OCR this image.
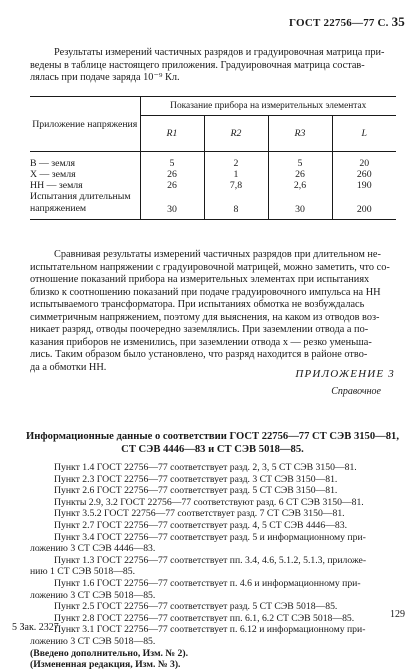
ГОСТ 22756—77 С. 35

Результаты измерений частичных разрядов и градуировочная матрица при-

ведены в таблице настоящего приложения. Градуировочная матрица состав-
лялась при подаче заряда 10⁻⁹ Кл.
Приложение напряжения	Показание прибора на измерительных элементах			
	R1	R2	R3	L
В — земля	5	2	5	20
Х — земля	26	1	26	260
НН — земля	26	7,8	2,6	190

Испытания длительным
напряжением	30	8	30	200

Сравнивая результаты измерений частичных разрядов при длительном не-

испытательном напряжении с градуировочной матрицей, можно заметить, что со-
отношение показаний прибора на измерительных элементах при испытаниях
близко к соотношению показаний при подаче градуировочного импульса на НН
испытываемого трансформатора. При испытаниях обмотка не возбуждалась
симметричным напряжением, поэтому для выяснения, на каком из отводов воз-
никает разряд, отводы поочередно заземлялись. При заземлении отвода а по-
казания приборов не изменились, при заземлении отвода х — резко уменьша-
лись. Таким образом было установлено, что разряд находится в районе отво-
да а обмотки НН.
ПРИЛОЖЕНИЕ 3
Справочное
Информационные данные о соответствии ГОСТ 22756—77 СТ СЭВ 3150—81,
СТ СЭВ 4446—83 и СТ СЭВ 5018—85.
Пункт 1.4 ГОСТ 22756—77 соответствует разд. 2, 3, 5 СТ СЭВ 3150—81.
Пункт 2.3 ГОСТ 22756—77 соответствует разд. 3 СТ СЭВ 3150—81.
Пункт 2.6 ГОСТ 22756—77 соответствует разд. 5 СТ СЭВ 3150—81.
Пункты 2.9, 3.2 ГОСТ 22756—77 соответствуют разд. 6 СТ СЭВ 3150—81.
Пункт 3.5.2 ГОСТ 22756—77 соответствует разд. 7 СТ СЭВ 3150—81.
Пункт 2.7 ГОСТ 22756—77 соответствует разд. 4, 5 СТ СЭВ 4446—83.
Пункт 3.4 ГОСТ 22756—77 соответствует разд. 5 и информационному при-
ложению 3 СТ СЭВ 4446—83.
Пункт 1.3 ГОСТ 22756—77 соответствует пп. 3.4, 4.6, 5.1.2, 5.1.3, приложе-
нию 1 СТ СЭВ 5018—85.
Пункт 1.6 ГОСТ 22756—77 соответствует п. 4.6 и информационному при-
ложению 3 СТ СЭВ 5018—85.
Пункт 2.5 ГОСТ 22756—77 соответствует разд. 5 СТ СЭВ 5018—85.
Пункт 2.8 ГОСТ 22756—77 соответствует пп. 6.1, 6.2 СТ СЭВ 5018—85.
Пункт 3.1 ГОСТ 22756—77 соответствует п. 6.12 и информационному при-
ложению 3 СТ СЭВ 5018—85.
(Введено дополнительно, Изм. № 2).
(Измененная редакция, Изм. № 3).
5 Зак. 2327
129
